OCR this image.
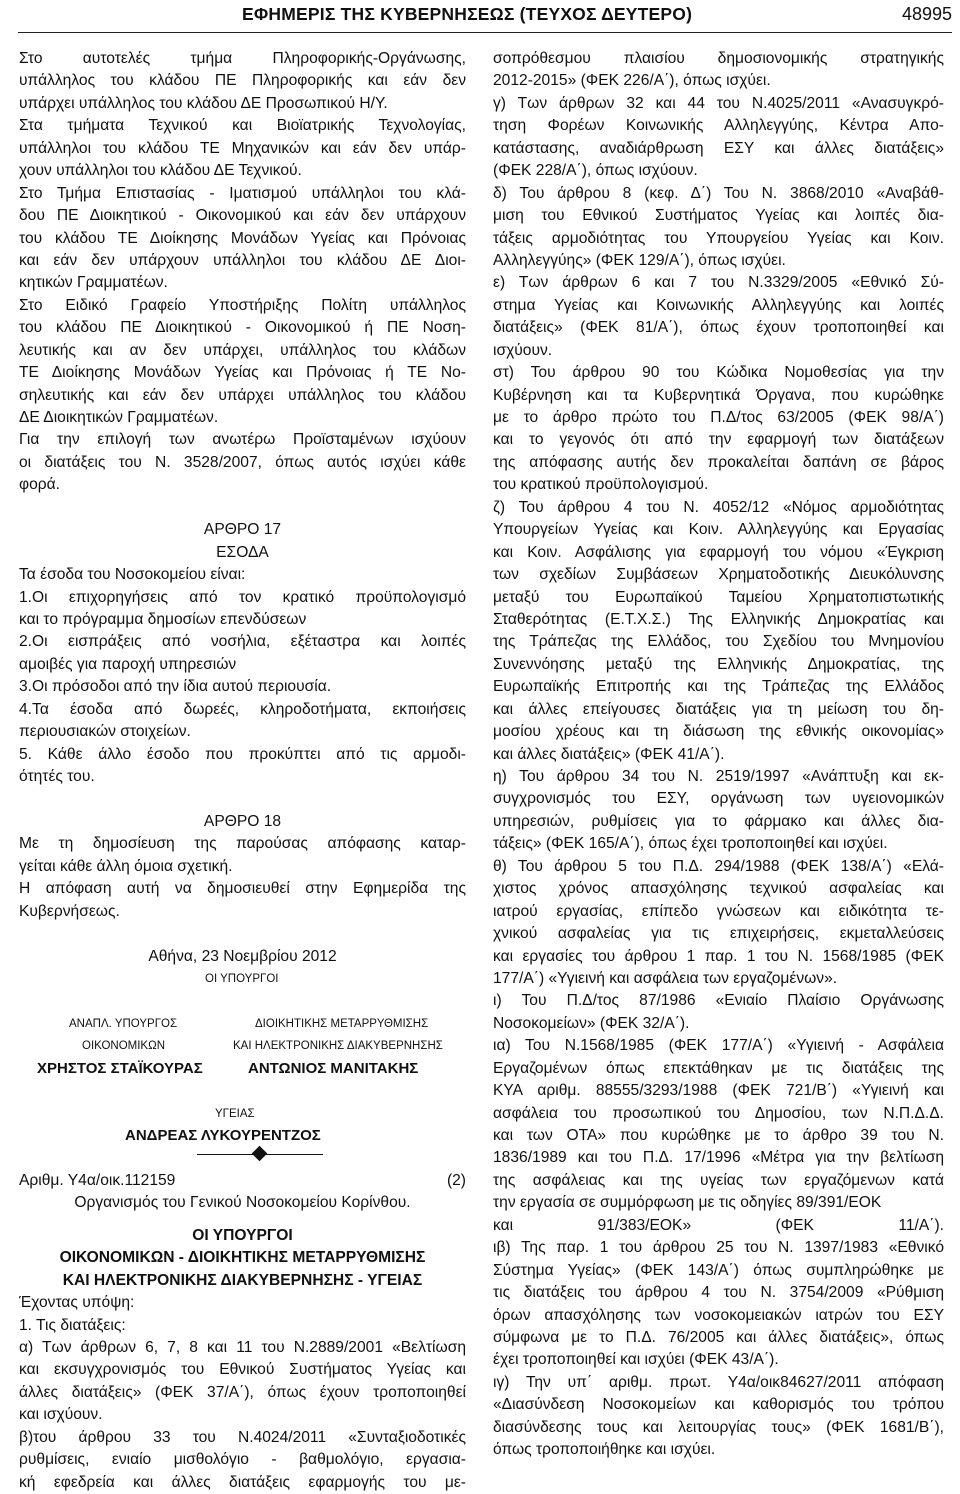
ΕΦΗΜΕΡΙΣ ΤΗΣ ΚΥΒΕΡΝΗΣΕΩΣ (ΤΕΥΧΟΣ ΔΕΥΤΕΡΟ)	48995
Στο αυτοτελές τμήμα Πληροφορικής-Οργάνωσης,
υπάλληλος του κλάδου ΠΕ Πληροφορικής και εάν δεν
υπάρχει υπάλληλος του κλάδου ΔΕ Προσωπικού Η/Υ.
Στα τμήματα Τεχνικού και Βιοϊατρικής Τεχνολογίας,
υπάλληλοι του κλάδου ΤΕ Μηχανικών και εάν δεν υπάρ-
χουν υπάλληλοι του κλάδου ΔΕ Τεχνικού.
Στο Τμήμα Επιστασίας - Ιματισμού υπάλληλοι του κλά-
δου ΠΕ Διοικητικού - Οικονομικού και εάν δεν υπάρχουν
του κλάδου ΤΕ Διοίκησης Μονάδων Υγείας και Πρόνοιας
και εάν δεν υπάρχουν υπάλληλοι του κλάδου ΔΕ Διοι-
κητικών Γραμματέων.
Στο Ειδικό Γραφείο Υποστήριξης Πολίτη υπάλληλος
του κλάδου ΠΕ Διοικητικού - Οικονομικού ή ΠΕ Νοση-
λευτικής και αν δεν υπάρχει, υπάλληλος του κλάδων
ΤΕ Διοίκησης Μονάδων Υγείας και Πρόνοιας ή ΤΕ Νο-
σηλευτικής και εάν δεν υπάρχει υπάλληλος του κλάδου
ΔΕ Διοικητικών Γραμματέων.
Για την επιλογή των ανωτέρω Προϊσταμένων ισχύουν
οι διατάξεις του Ν. 3528/2007, όπως αυτός ισχύει κάθε
φορά.
ΑΡΘΡΟ 17
ΕΣΟΔΑ
Τα έσοδα του Νοσοκομείου είναι:
1.Οι επιχορηγήσεις από τον κρατικό προϋπολογισμό
και το πρόγραμμα δημοσίων επενδύσεων
2.Οι εισπράξεις από νοσήλια, εξέταστρα και λοιπές
αμοιβές για παροχή υπηρεσιών
3.Οι πρόσοδοι από την ίδια αυτού περιουσία.
4.Τα έσοδα από δωρεές, κληροδοτήματα, εκποιήσεις
περιουσιακών στοιχείων.
5. Κάθε άλλο έσοδο που προκύπτει από τις αρμοδι-
ότητές του.
ΑΡΘΡΟ 18
Με τη δημοσίευση της παρούσας απόφασης καταρ-
γείται κάθε άλλη όμοια σχετική.
Η απόφαση αυτή να δημοσιευθεί στην Εφημερίδα της
Κυβερνήσεως.
Αθήνα, 23 Νοεμβρίου 2012
ΟΙ ΥΠΟΥΡΓΟΙ
ΑΝΑΠΛ. ΥΠΟΥΡΓΟΣ	ΔΙΟΙΚΗΤΙΚΗΣ ΜΕΤΑΡΡΥΘΜΙΣΗΣ
ΟΙΚΟΝΟΜΙΚΩΝ	ΚΑΙ ΗΛΕΚΤΡΟΝΙΚΗΣ ΔΙΑΚΥΒΕΡΝΗΣΗΣ
ΧΡΗΣΤΟΣ ΣΤΑΪΚΟΥΡΑΣ	ΑΝΤΩΝΙΟΣ ΜΑΝΙΤΑΚΗΣ
ΥΓΕΙΑΣ
ΑΝΔΡΕΑΣ ΛΥΚΟΥΡΕΝΤΖΟΣ
Αριθμ. Υ4α/οικ.112159	(2)
Οργανισμός του Γενικού Νοσοκομείου Κορίνθου.
ΟΙ ΥΠΟΥΡΓΟΙ
ΟΙΚΟΝΟΜΙΚΩΝ - ΔΙΟΙΚΗΤΙΚΗΣ ΜΕΤΑΡΡΥΘΜΙΣΗΣ
ΚΑΙ ΗΛΕΚΤΡΟΝΙΚΗΣ ΔΙΑΚΥΒΕΡΝΗΣΗΣ - ΥΓΕΙΑΣ
Έχοντας υπόψη:
1. Τις διατάξεις:
α) Των άρθρων 6, 7, 8 και 11 του Ν.2889/2001 «Βελτίωση
και εκσυγχρονισμός του Εθνικού Συστήματος Υγείας και
άλλες διατάξεις» (ΦΕΚ 37/Α΄), όπως έχουν τροποποιηθεί
και ισχύουν.
β)του άρθρου 33 του Ν.4024/2011 «Συνταξιοδοτικές
ρυθμίσεις, ενιαίο μισθολόγιο - βαθμολόγιο, εργασια-
κή εφεδρεία και άλλες διατάξεις εφαρμογής του με-
σοπρόθεσμου πλαισίου δημοσιονομικής στρατηγικής
2012-2015» (ΦΕΚ 226/Α΄), όπως ισχύει.
γ) Των άρθρων 32 και 44 του Ν.4025/2011 «Ανασυγκρό-
τηση Φορέων Κοινωνικής Αλληλεγγύης, Κέντρα Απο-
κατάστασης, αναδιάρθρωση ΕΣΥ και άλλες διατάξεις»
(ΦΕΚ 228/Α΄), όπως ισχύουν.
δ) Του άρθρου 8 (κεφ. Δ΄) Του Ν. 3868/2010 «Αναβάθ-
μιση του Εθνικού Συστήματος Υγείας και λοιπές δια-
τάξεις αρμοδιότητας του Υπουργείου Υγείας και Κοιν.
Αλληλεγγύης» (ΦΕΚ 129/Α΄), όπως ισχύει.
ε) Των άρθρων 6 και 7 του Ν.3329/2005 «Εθνικό Σύ-
στημα Υγείας και Κοινωνικής Αλληλεγγύης και λοιπές
διατάξεις» (ΦΕΚ 81/Α΄), όπως έχουν τροποποιηθεί και
ισχύουν.
στ) Του άρθρου 90 του Κώδικα Νομοθεσίας για την
Κυβέρνηση και τα Κυβερνητικά Όργανα, που κυρώθηκε
με το άρθρο πρώτο του Π.Δ/τος 63/2005 (ΦΕΚ 98/Α΄)
και το γεγονός ότι από την εφαρμογή των διατάξεων
της απόφασης αυτής δεν προκαλείται δαπάνη σε βάρος
του κρατικού προϋπολογισμού.
ζ) Του άρθρου 4 του Ν. 4052/12 «Νόμος αρμοδιότητας
Υπουργείων Υγείας και Κοιν. Αλληλεγγύης και Εργασίας
και Κοιν. Ασφάλισης για εφαρμογή του νόμου «Έγκριση
των σχεδίων Συμβάσεων Χρηματοδοτικής Διευκόλυνσης
μεταξύ του Ευρωπαϊκού Ταμείου Χρηματοπιστωτικής
Σταθερότητας (Ε.Τ.Χ.Σ.) Της Ελληνικής Δημοκρατίας και
της Τράπεζας της Ελλάδος, του Σχεδίου του Μνημονίου
Συνεννόησης μεταξύ της Ελληνικής Δημοκρατίας, της
Ευρωπαϊκής Επιτροπής και της Τράπεζας της Ελλάδος
και άλλες επείγουσες διατάξεις για τη μείωση του δη-
μοσίου χρέους και τη διάσωση της εθνικής οικονομίας»
και άλλες διατάξεις» (ΦΕΚ 41/Α΄).
η) Του άρθρου 34 του Ν. 2519/1997 «Ανάπτυξη και εκ-
συγχρονισμός του ΕΣΥ, οργάνωση των υγειονομικών
υπηρεσιών, ρυθμίσεις για το φάρμακο και άλλες δια-
τάξεις» (ΦΕΚ 165/Α΄), όπως έχει τροποποιηθεί και ισχύει.
θ) Του άρθρου 5 του Π.Δ. 294/1988 (ΦΕΚ 138/Α΄) «Ελά-
χιστος χρόνος απασχόλησης τεχνικού ασφαλείας και
ιατρού εργασίας, επίπεδο γνώσεων και ειδικότητα τε-
χνικού ασφαλείας για τις επιχειρήσεις, εκμεταλλεύσεις
και εργασίες του άρθρου 1 παρ. 1 του Ν. 1568/1985 (ΦΕΚ
177/Α΄) «Υγιεινή και ασφάλεια των εργαζομένων».
ι) Του Π.Δ/τος 87/1986 «Ενιαίο Πλαίσιο Οργάνωσης
Νοσοκομείων» (ΦΕΚ 32/Α΄).
ια) Του Ν.1568/1985 (ΦΕΚ 177/Α΄) «Υγιεινή - Ασφάλεια
Εργαζομένων όπως επεκτάθηκαν με τις διατάξεις της
ΚΥΑ αριθμ. 88555/3293/1988 (ΦΕΚ 721/Β΄) «Υγιεινή και
ασφάλεια του προσωπικού του Δημοσίου, των Ν.Π.Δ.Δ.
και των ΟΤΑ» που κυρώθηκε με το άρθρο 39 του Ν.
1836/1989 και του Π.Δ. 17/1996 «Μέτρα για την βελτίωση
της ασφάλειας και της υγείας των εργαζόμενων κατά
την εργασία σε συμμόρφωση με τις οδηγίες 89/391/ΕΟΚ
και 91/383/ΕΟΚ» (ΦΕΚ 11/Α΄).
ιβ) Της παρ. 1 του άρθρου 25 του Ν. 1397/1983 «Εθνικό
Σύστημα Υγείας» (ΦΕΚ 143/Α΄) όπως συμπληρώθηκε με
τις διατάξεις του άρθρου 4 του Ν. 3754/2009 «Ρύθμιση
όρων απασχόλησης των νοσοκομειακών ιατρών του ΕΣΥ
σύμφωνα με το Π.Δ. 76/2005 και άλλες διατάξεις», όπως
έχει τροποποιηθεί και ισχύει (ΦΕΚ 43/Α΄).
ιγ) Την υπ΄ αριθμ. πρωτ. Υ4α/οικ84627/2011 απόφαση
«Διασύνδεση Νοσοκομείων και καθορισμός του τρόπου
διασύνδεσης τους και λειτουργίας τους» (ΦΕΚ 1681/Β΄),
όπως τροποποιήθηκε και ισχύει.
